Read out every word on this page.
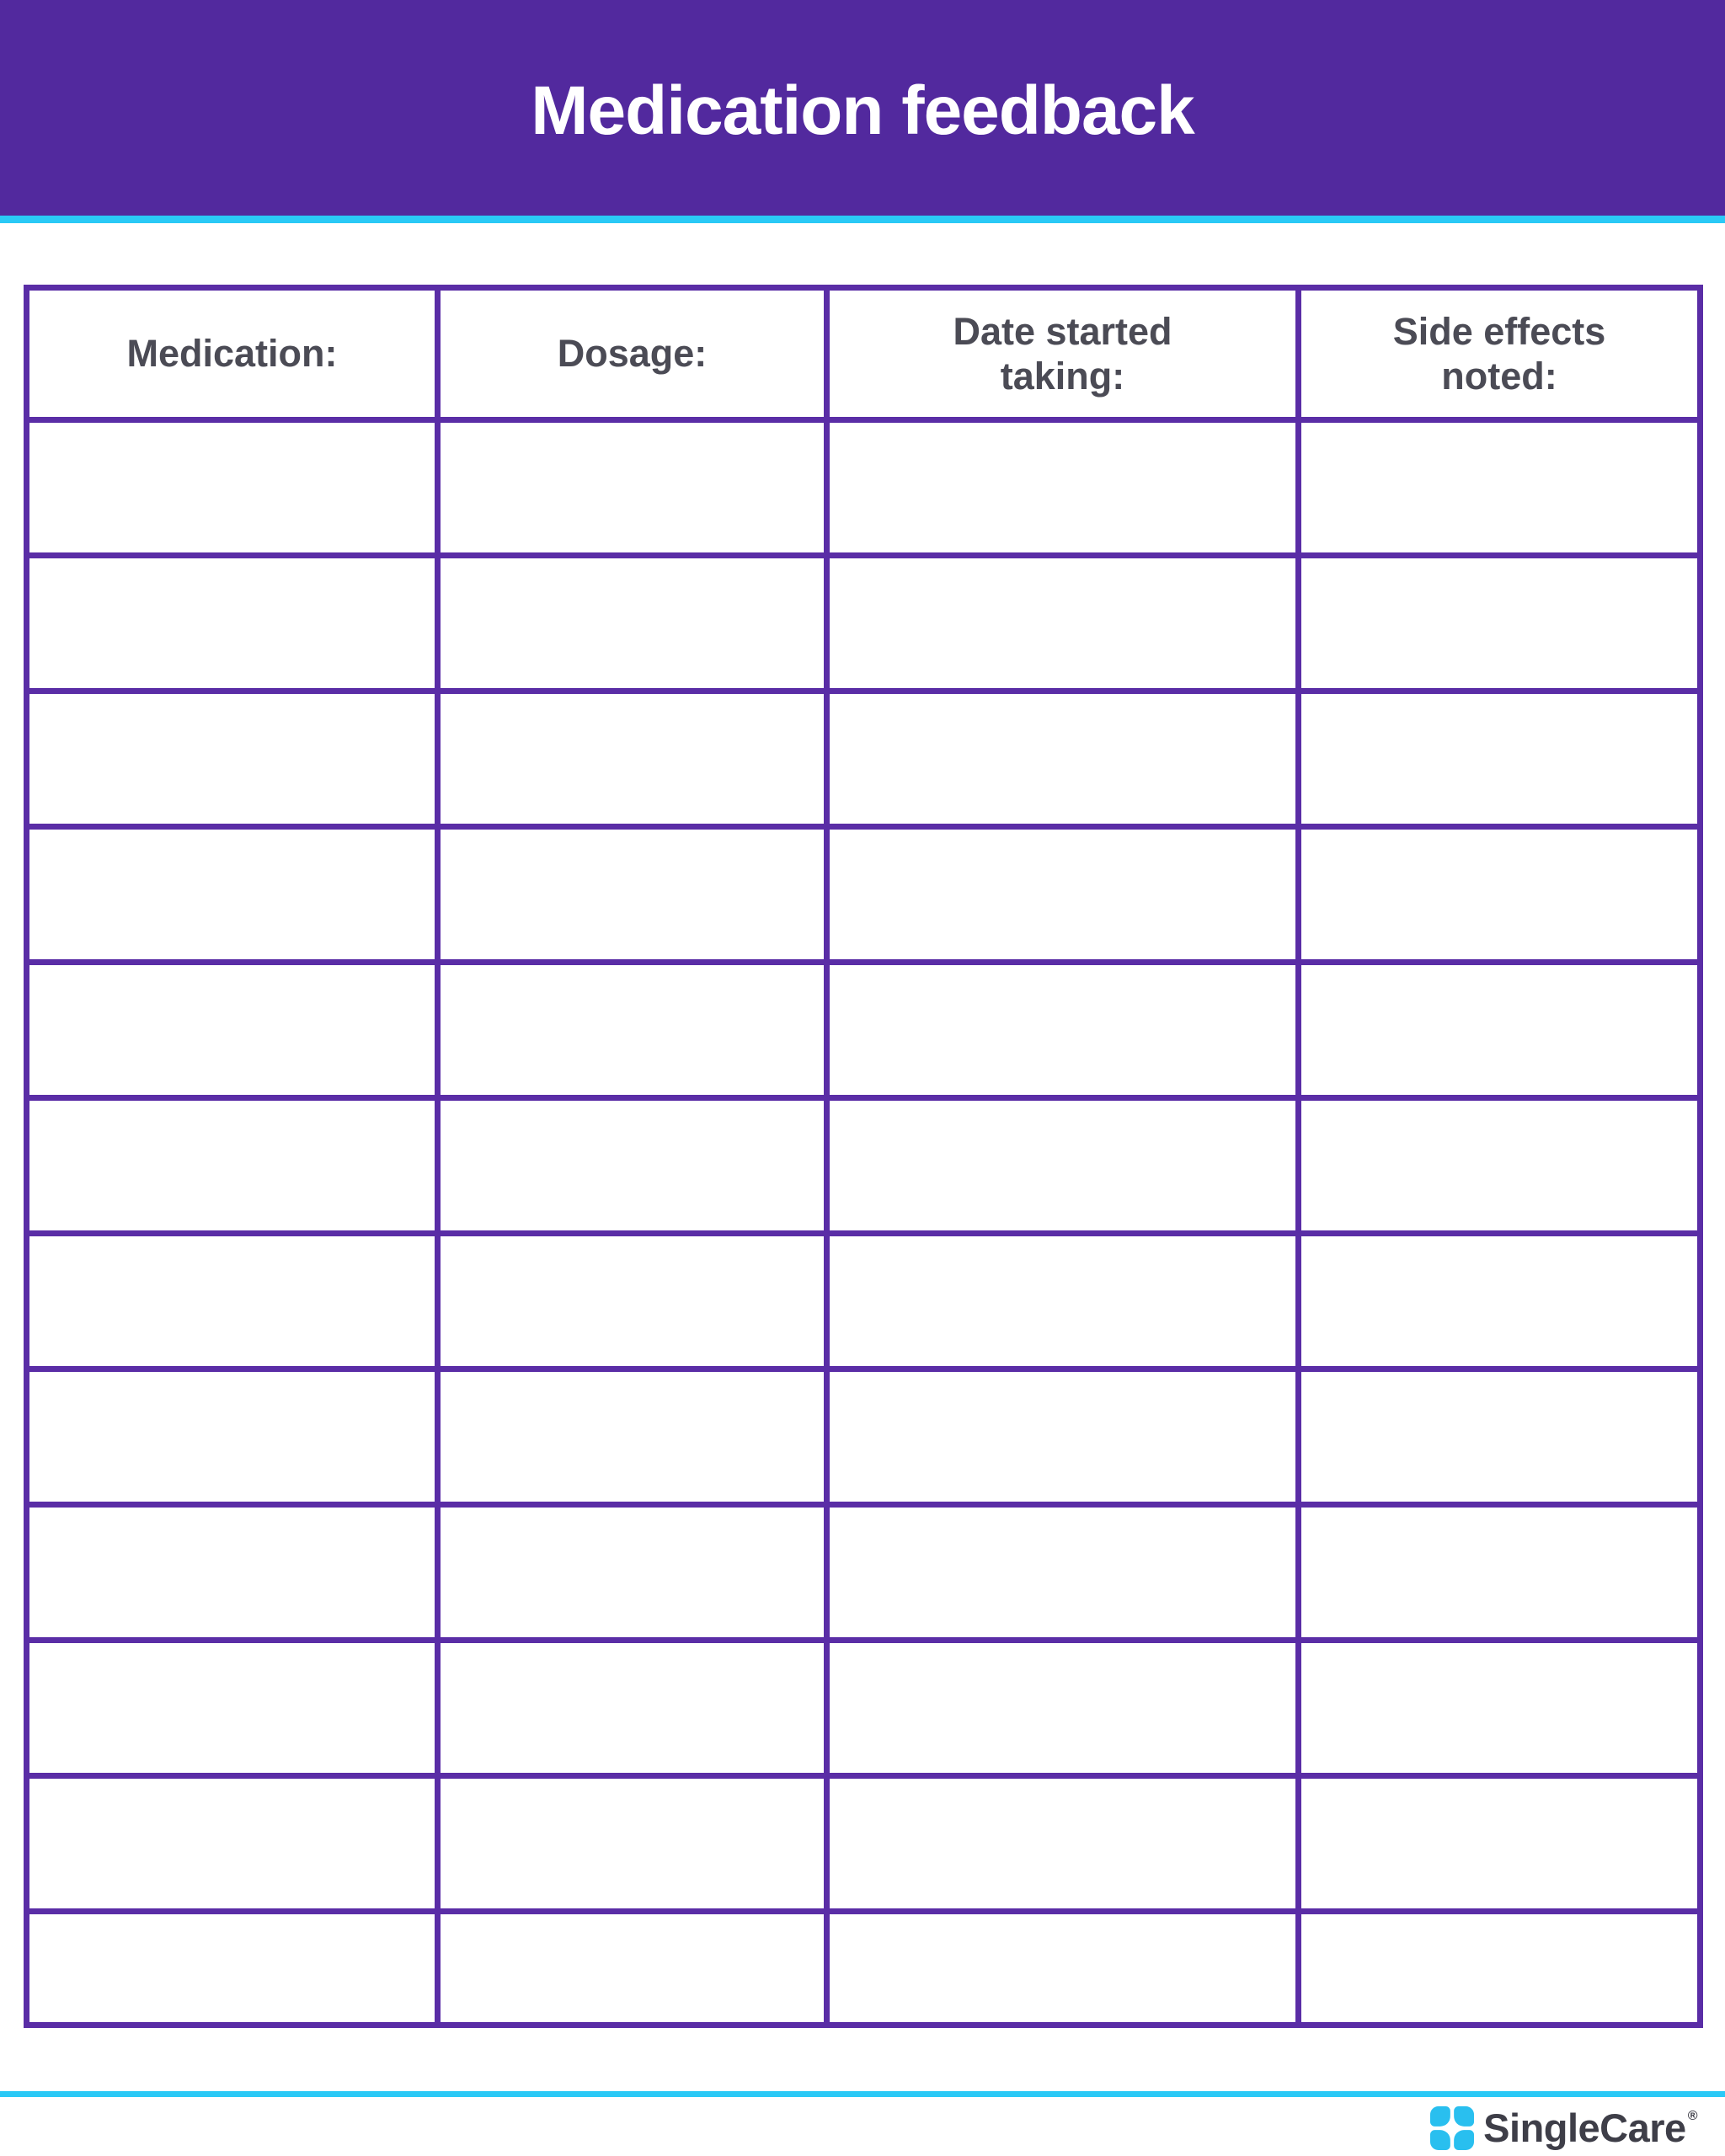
Medication feedback
Medication:	Dosage:
Date started
taking:
Side effects
noted:
SingleCare ®
